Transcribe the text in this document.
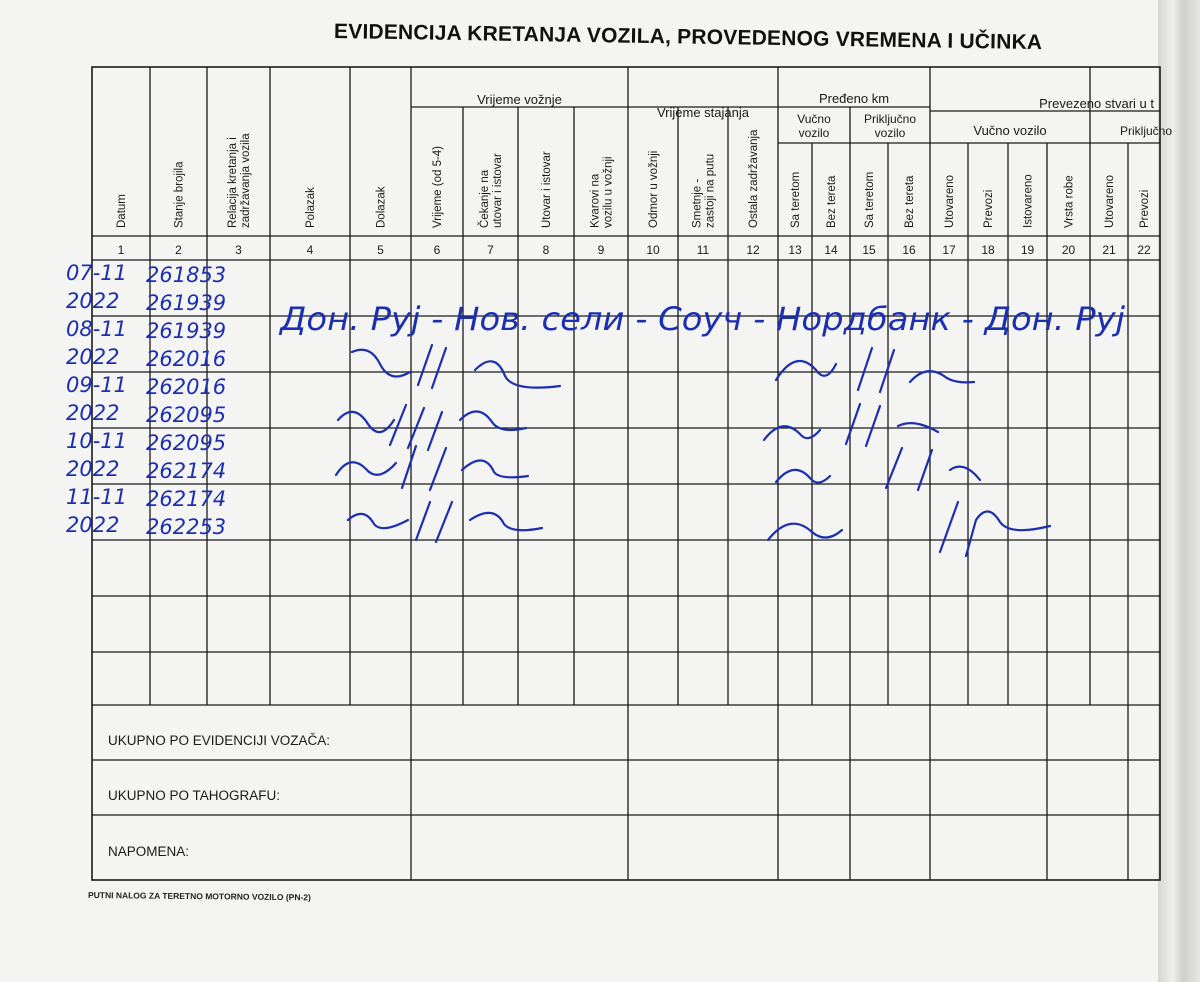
EVIDENCIJA KRETANJA VOZILA, PROVEDENOG VREMENA I UČINKA
Datum
1
Stanje brojila
2
Relacija kretanja i zadržavanja vozila
3
Polazak
4
Dolazak
5
Vrijeme (od 5-4)
6
Čekanje na utovar i istovar
7
Utovar i istovar
8
Kvarovi na vozilu u vožnji
9
Odmor u vožnji
10
Smetnje - zastoji na putu
11
Ostala zadržavanja
12
Sa teretom
13
Bez tereta
14
Sa teretom
15
Bez tereta
16
Utovareno
17
Prevozi
18
Istovareno
19
Vrsta robe
20
Utovareno
21
Prevozi
22
Vrijeme vožnje
Vrijeme stajanja
Pređeno km
Vučno
vozilo
Priključno
vozilo
Prevezeno stvari u t
Vučno vozilo	Priključno
07-11 261853
2022 261939
08-11 261939
2022 262016
09-11 262016
2022 262095
10-11 262095
2022 262174
11-11 262174
2022 262253
Дон. Руј - Нов. сели - Соуч - Нордбанк - Дон. Руј
UKUPNO PO EVIDENCIJI VOZAČA:
UKUPNO PO TAHOGRAFU:
NAPOMENA:
PUTNI NALOG ZA TERETNO MOTORNO VOZILO (PN-2)
